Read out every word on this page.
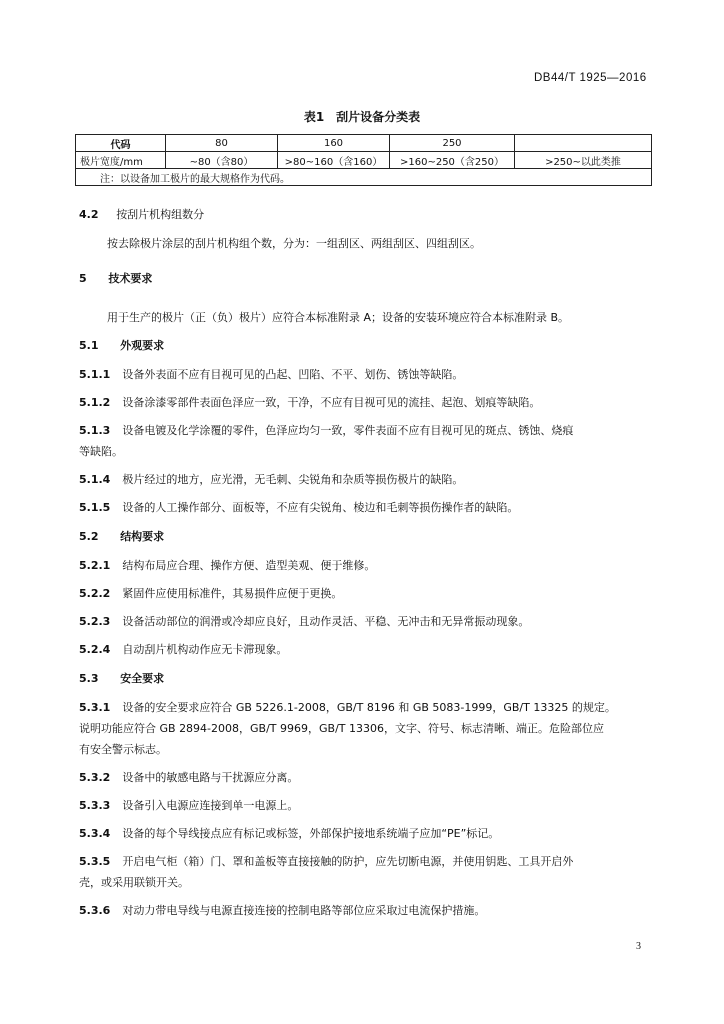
DB44/T 1925—2016
表1　刮片设备分类表
代码	80	160	250	
极片宽度/mm	~80（含80）	>80~160（含160）	>160~250（含250）	>250~以此类推
注：以设备加工极片的最大规格作为代码。				
4.2 按刮片机构组数分
按去除极片涂层的刮片机构组个数，分为：一组刮区、两组刮区、四组刮区。
5 技术要求
用于生产的极片（正（负）极片）应符合本标准附录 A；设备的安装环境应符合本标准附录 B。
5.1 外观要求
5.1.1 设备外表面不应有目视可见的凸起、凹陷、不平、划伤、锈蚀等缺陷。
5.1.2 设备涂漆零部件表面色泽应一致，干净，不应有目视可见的流挂、起泡、划痕等缺陷。
5.1.3 设备电镀及化学涂覆的零件，色泽应均匀一致，零件表面不应有目视可见的斑点、锈蚀、烧痕
等缺陷。
5.1.4 极片经过的地方，应光滑，无毛刺、尖锐角和杂质等损伤极片的缺陷。
5.1.5 设备的人工操作部分、面板等，不应有尖锐角、棱边和毛刺等损伤操作者的缺陷。
5.2 结构要求
5.2.1 结构布局应合理、操作方便、造型美观、便于维修。
5.2.2 紧固件应使用标准件，其易损件应便于更换。
5.2.3 设备活动部位的润滑或冷却应良好，且动作灵活、平稳、无冲击和无异常振动现象。
5.2.4 自动刮片机构动作应无卡滞现象。
5.3 安全要求
5.3.1 设备的安全要求应符合 GB 5226.1-2008，GB/T 8196 和 GB 5083-1999，GB/T 13325 的规定。
说明功能应符合 GB 2894-2008，GB/T 9969，GB/T 13306，文字、符号、标志清晰、端正。危险部位应
有安全警示标志。
5.3.2 设备中的敏感电路与干扰源应分离。
5.3.3 设备引入电源应连接到单一电源上。
5.3.4 设备的每个导线接点应有标记或标签，外部保护接地系统端子应加“PE”标记。
5.3.5 开启电气柜（箱）门、罩和盖板等直接接触的防护，应先切断电源，并使用钥匙、工具开启外
壳，或采用联锁开关。
5.3.6 对动力带电导线与电源直接连接的控制电路等部位应采取过电流保护措施。
3
